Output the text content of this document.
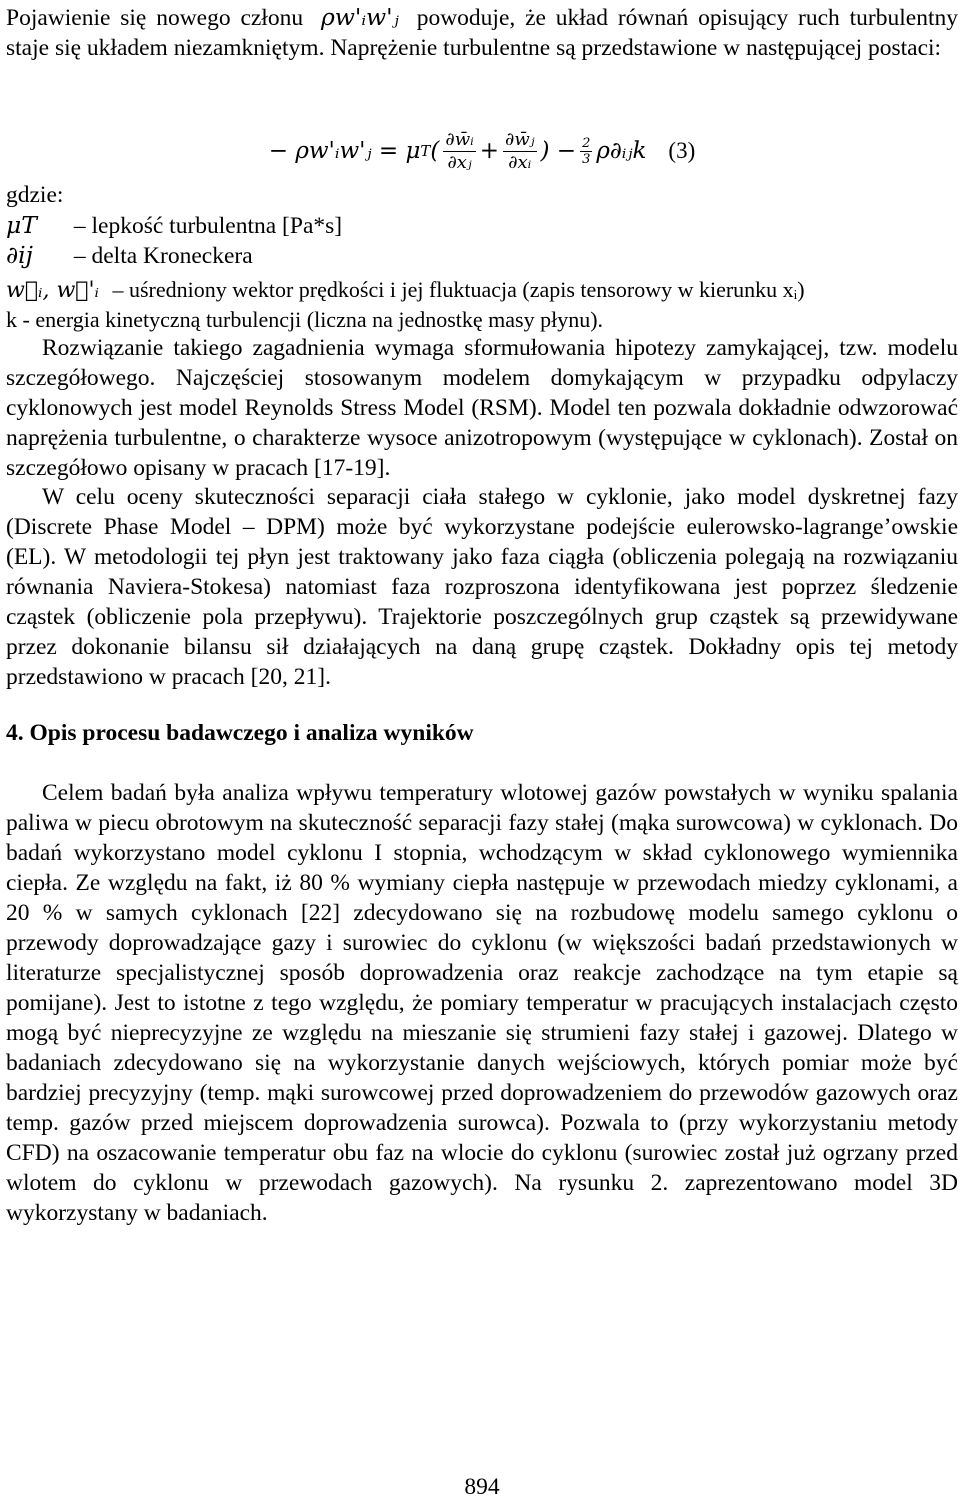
Pojawienie się nowego członu ρw'ᵢw'ⱼ powoduje, że układ równań opisujący ruch turbulentny staje się układem niezamkniętym. Naprężenie turbulentne są przedstawione w następującej postaci:
− ρw'ᵢw'ⱼ = μ T ( $\frac{\text{∂w̄ᵢ}}{\text{∂xⱼ}} + \frac{\text{∂w̄ⱼ}}{\text{∂xᵢ}}$ ) − $\frac{2}{3}$ ρ∂ᵢⱼk (3)
gdzie:
μT – lepkość turbulentna [Pa*s]
∂ij – delta Kroneckera
w⃗ᵢ, w⃗'ᵢ – uśredniony wektor prędkości i jej fluktuacja (zapis tensorowy w kierunku xᵢ)
k - energia kinetyczną turbulencji (liczna na jednostkę masy płynu).
Rozwiązanie takiego zagadnienia wymaga sformułowania hipotezy zamykającej, tzw. modelu szczegółowego. Najczęściej stosowanym modelem domykającym w przypadku odpylaczy cyklonowych jest model Reynolds Stress Model (RSM). Model ten pozwala dokładnie odwzorować naprężenia turbulentne, o charakterze wysoce anizotropowym (występujące w cyklonach). Został on szczegółowo opisany w pracach [17-19].
W celu oceny skuteczności separacji ciała stałego w cyklonie, jako model dyskretnej fazy (Discrete Phase Model – DPM) może być wykorzystane podejście eulerowsko-lagrange’owskie (EL). W metodologii tej płyn jest traktowany jako faza ciągła (obliczenia polegają na rozwiązaniu równania Naviera-Stokesa) natomiast faza rozproszona identyfikowana jest poprzez śledzenie cząstek (obliczenie pola przepływu). Trajektorie poszczególnych grup cząstek są przewidywane przez dokonanie bilansu sił działających na daną grupę cząstek. Dokładny opis tej metody przedstawiono w pracach [20, 21].
4. Opis procesu badawczego i analiza wyników
Celem badań była analiza wpływu temperatury wlotowej gazów powstałych w wyniku spalania paliwa w piecu obrotowym na skuteczność separacji fazy stałej (mąka surowcowa) w cyklonach. Do badań wykorzystano model cyklonu I stopnia, wchodzącym w skład cyklonowego wymiennika ciepła. Ze względu na fakt, iż 80 % wymiany ciepła następuje w przewodach miedzy cyklonami, a 20 % w samych cyklonach [22] zdecydowano się na rozbudowę modelu samego cyklonu o przewody doprowadzające gazy i surowiec do cyklonu (w większości badań przedstawionych w literaturze specjalistycznej sposób doprowadzenia oraz reakcje zachodzące na tym etapie są pomijane). Jest to istotne z tego względu, że pomiary temperatur w pracujących instalacjach często mogą być nieprecyzyjne ze względu na mieszanie się strumieni fazy stałej i gazowej. Dlatego w badaniach zdecydowano się na wykorzystanie danych wejściowych, których pomiar może być bardziej precyzyjny (temp. mąki surowcowej przed doprowadzeniem do przewodów gazowych oraz temp. gazów przed miejscem doprowadzenia surowca). Pozwala to (przy wykorzystaniu metody CFD) na oszacowanie temperatur obu faz na wlocie do cyklonu (surowiec został już ogrzany przed wlotem do cyklonu w przewodach gazowych). Na rysunku 2. zaprezentowano model 3D wykorzystany w badaniach.
894
